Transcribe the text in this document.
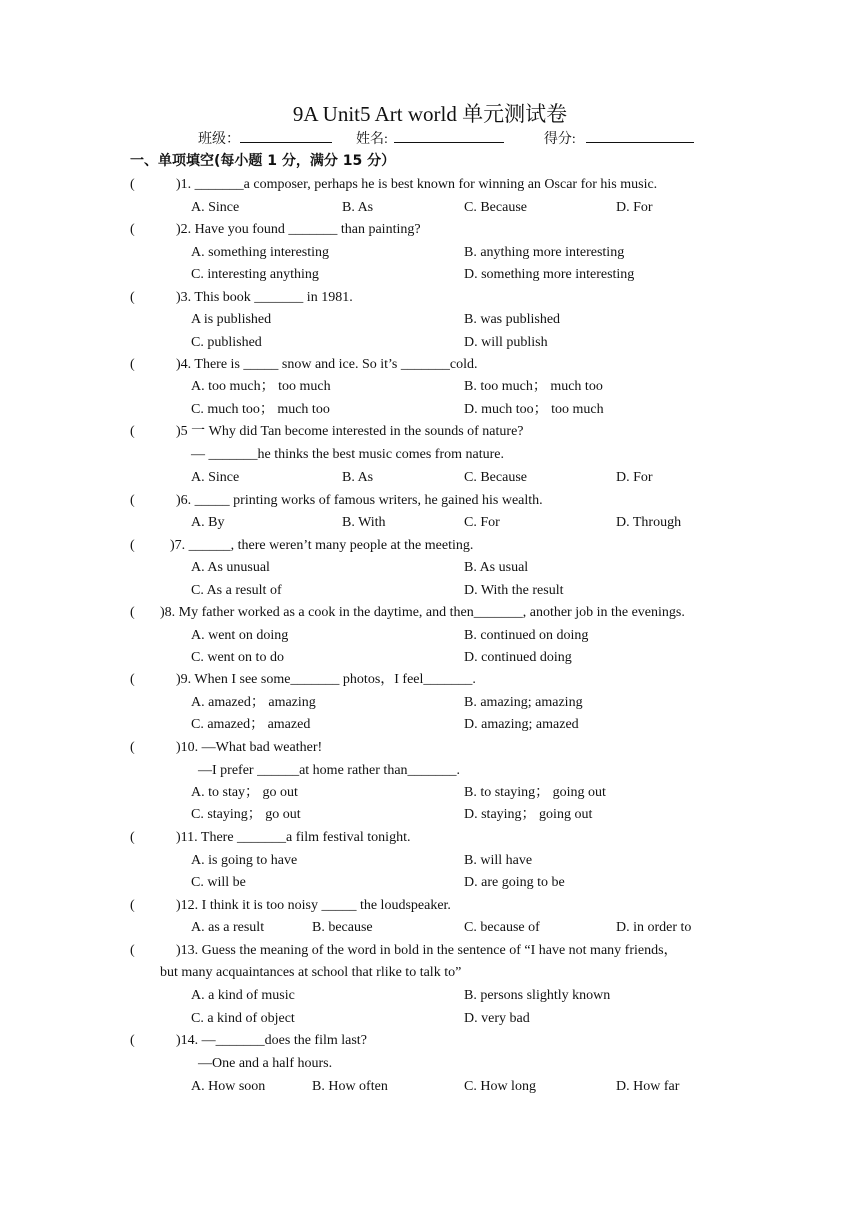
9A Unit5 Art world 单元测试卷
班级：	姓名:	得分:
一、单项填空(每小题 1 分，满分 15 分）
(	)1. _______a composer, perhaps he is best known for winning an Oscar for his music.
A. Since	B. As	C. Because	D. For
(	)2. Have you found _______ than painting?
A. something interesting	B. anything more interesting
C. interesting anything	D. something more interesting
(	)3. This book _______ in 1981.
A is published	B. was published
C. published	D. will publish
(	)4. There is _____ snow and ice. So it’s _______cold.
A. too much； too much	B. too much； much too
C. much too； much too	D. much too； too much
(	)5 一 Why did Tan become interested in the sounds of nature?
— _______he thinks the best music comes from nature.
A. Since	B. As	C. Because	D. For
(	)6. _____ printing works of famous writers, he gained his wealth.
A. By	B. With	C. For	D. Through
(	)7. ______, there weren’t many people at the meeting.
A. As unusual	B. As usual
C. As a result of	D. With the result
( )8. My father worked as a cook in the daytime, and then_______, another job in the evenings.
A. went on doing	B. continued on doing
C. went on to do	D. continued doing
(	)9. When I see some_______ photos，I feel_______.
A. amazed； amazing	B. amazing; amazing
C. amazed； amazed	D. amazing; amazed
(	)10. —What bad weather!
—I prefer ______at home rather than_______.
A. to stay； go out	B. to staying； going out
C. staying； go out	D. staying； going out
(	)11. There _______a film festival tonight.
A. is going to have	B. will have
C. will be	D. are going to be
(	)12. I think it is too noisy _____ the loudspeaker.
A. as a result	B. because	C. because of	D. in order to
(	)13. Guess the meaning of the word in bold in the sentence of “I have not many friends，
but many acquaintances at school that rlike to talk to”
A. a kind of music	B. persons slightly known
C. a kind of object	D. very bad
(	)14. —_______does the film last?
—One and a half hours.
A. How soon	B. How often	C. How long	D. How far
